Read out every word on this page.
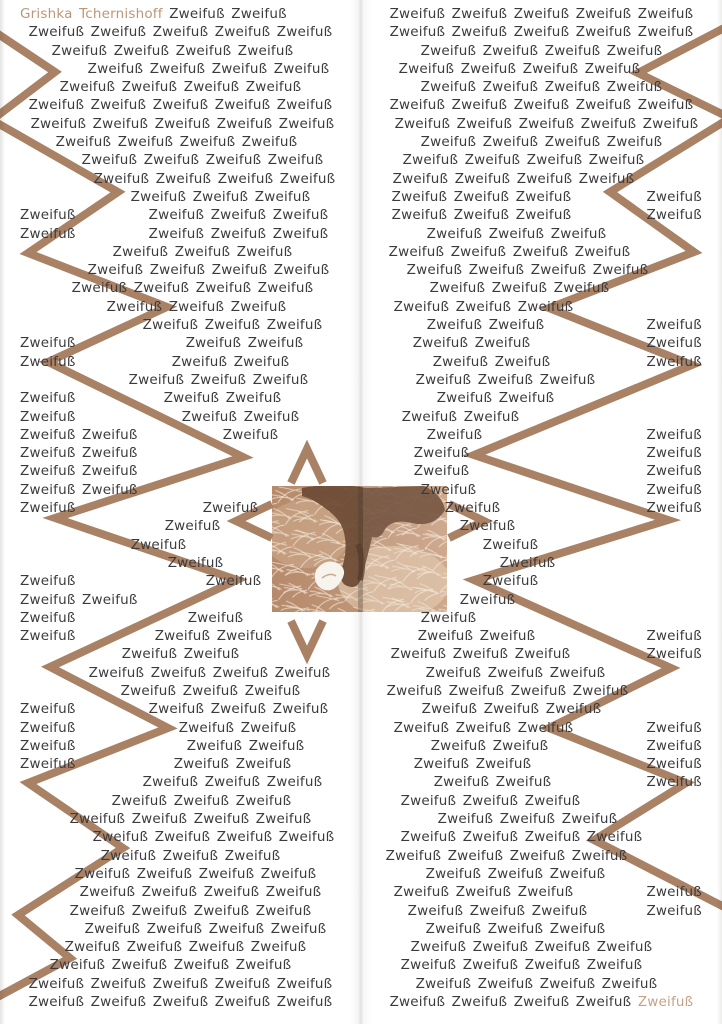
Grishka Tchernishoff Zweifuß Zweifuß
Zweifuß Zweifuß Zweifuß Zweifuß Zweifuß
Zweifuß Zweifuß Zweifuß Zweifuß
Zweifuß Zweifuß Zweifuß Zweifuß
Zweifuß Zweifuß Zweifuß Zweifuß
Zweifuß Zweifuß Zweifuß Zweifuß Zweifuß
Zweifuß Zweifuß Zweifuß Zweifuß Zweifuß
Zweifuß Zweifuß Zweifuß Zweifuß
Zweifuß Zweifuß Zweifuß Zweifuß
Zweifuß Zweifuß Zweifuß Zweifuß
Zweifuß Zweifuß Zweifuß
Zweifuß	Zweifuß Zweifuß Zweifuß
Zweifuß	Zweifuß Zweifuß Zweifuß
Zweifuß Zweifuß Zweifuß
Zweifuß Zweifuß Zweifuß Zweifuß
Zweifuß Zweifuß Zweifuß Zweifuß
Zweifuß Zweifuß Zweifuß
Zweifuß Zweifuß Zweifuß
Zweifuß	Zweifuß Zweifuß
Zweifuß	Zweifuß Zweifuß
Zweifuß Zweifuß Zweifuß
Zweifuß	Zweifuß Zweifuß
Zweifuß	Zweifuß Zweifuß
Zweifuß Zweifuß	Zweifuß
Zweifuß Zweifuß
Zweifuß Zweifuß
Zweifuß Zweifuß
Zweifuß	Zweifuß
Zweifuß
Zweifuß
Zweifuß
Zweifuß	Zweifuß
Zweifuß Zweifuß
Zweifuß	Zweifuß
Zweifuß	Zweifuß Zweifuß
Zweifuß Zweifuß
Zweifuß Zweifuß Zweifuß Zweifuß
Zweifuß Zweifuß Zweifuß
Zweifuß	Zweifuß Zweifuß Zweifuß
Zweifuß	Zweifuß Zweifuß
Zweifuß	Zweifuß Zweifuß
Zweifuß	Zweifuß Zweifuß
Zweifuß Zweifuß Zweifuß
Zweifuß Zweifuß Zweifuß
Zweifuß Zweifuß Zweifuß Zweifuß
Zweifuß Zweifuß Zweifuß Zweifuß
Zweifuß Zweifuß Zweifuß
Zweifuß Zweifuß Zweifuß Zweifuß
Zweifuß Zweifuß Zweifuß Zweifuß
Zweifuß Zweifuß Zweifuß Zweifuß
Zweifuß Zweifuß Zweifuß Zweifuß
Zweifuß Zweifuß Zweifuß Zweifuß
Zweifuß Zweifuß Zweifuß Zweifuß
Zweifuß Zweifuß Zweifuß Zweifuß Zweifuß
Zweifuß Zweifuß Zweifuß Zweifuß Zweifuß
Zweifuß Zweifuß Zweifuß Zweifuß Zweifuß
Zweifuß Zweifuß Zweifuß Zweifuß Zweifuß
Zweifuß Zweifuß Zweifuß Zweifuß
Zweifuß Zweifuß Zweifuß Zweifuß
Zweifuß Zweifuß Zweifuß Zweifuß
Zweifuß Zweifuß Zweifuß Zweifuß Zweifuß
Zweifuß Zweifuß Zweifuß Zweifuß Zweifuß
Zweifuß Zweifuß Zweifuß Zweifuß
Zweifuß Zweifuß Zweifuß Zweifuß
Zweifuß Zweifuß Zweifuß Zweifuß
Zweifuß Zweifuß Zweifuß	Zweifuß
Zweifuß Zweifuß Zweifuß	Zweifuß
Zweifuß Zweifuß Zweifuß
Zweifuß Zweifuß Zweifuß Zweifuß
Zweifuß Zweifuß Zweifuß Zweifuß
Zweifuß Zweifuß Zweifuß
Zweifuß Zweifuß Zweifuß
Zweifuß Zweifuß	Zweifuß
Zweifuß Zweifuß	Zweifuß
Zweifuß Zweifuß	Zweifuß
Zweifuß Zweifuß Zweifuß
Zweifuß Zweifuß
Zweifuß Zweifuß
Zweifuß	Zweifuß
Zweifuß	Zweifuß
Zweifuß	Zweifuß
Zweifuß	Zweifuß
Zweifuß	Zweifuß
Zweifuß
Zweifuß
Zweifuß
Zweifuß
Zweifuß
Zweifuß
Zweifuß Zweifuß	Zweifuß
Zweifuß Zweifuß Zweifuß	Zweifuß
Zweifuß Zweifuß Zweifuß
Zweifuß Zweifuß Zweifuß Zweifuß
Zweifuß Zweifuß Zweifuß
Zweifuß Zweifuß Zweifuß	Zweifuß
Zweifuß Zweifuß	Zweifuß
Zweifuß Zweifuß	Zweifuß
Zweifuß Zweifuß	Zweifuß
Zweifuß Zweifuß Zweifuß
Zweifuß Zweifuß Zweifuß
Zweifuß Zweifuß Zweifuß Zweifuß
Zweifuß Zweifuß Zweifuß Zweifuß
Zweifuß Zweifuß Zweifuß
Zweifuß Zweifuß Zweifuß	Zweifuß
Zweifuß Zweifuß Zweifuß	Zweifuß
Zweifuß Zweifuß Zweifuß
Zweifuß Zweifuß Zweifuß Zweifuß
Zweifuß Zweifuß Zweifuß Zweifuß
Zweifuß Zweifuß Zweifuß Zweifuß
Zweifuß Zweifuß Zweifuß Zweifuß Zweifuß
